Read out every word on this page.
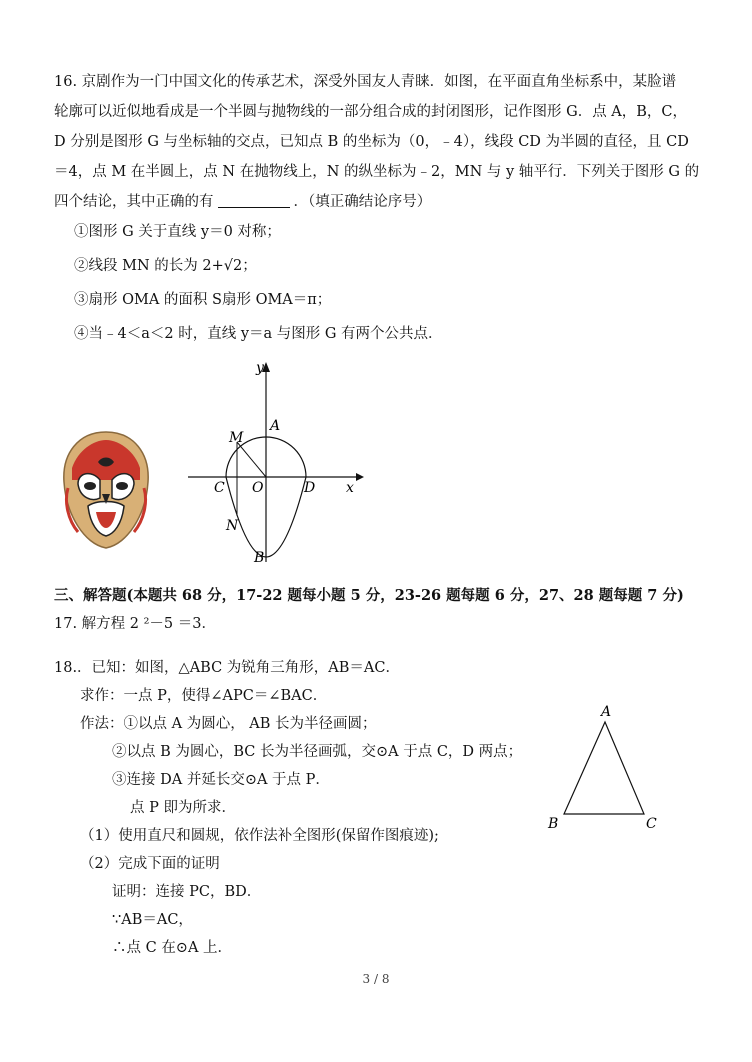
16. 京剧作为一门中国文化的传承艺术，深受外国友人青睐．如图，在平面直角坐标系中，某脸谱
轮廓可以近似地看成是一个半圆与抛物线的一部分组合成的封闭图形，记作图形 G．点 A，B，C，
D 分别是图形 G 与坐标轴的交点，已知点 B 的坐标为（0，﹣4），线段 CD 为半圆的直径，且 CD
＝4，点 M 在半圆上，点 N 在抛物线上，N 的纵坐标为﹣2，MN 与 y 轴平行．下列关于图形 G 的
四个结论，其中正确的有	．（填正确结论序号）
①图形 G 关于直线 y＝0 对称；
②线段 MN 的长为 2+√2；
③扇形 OMA 的面积 S扇形 OMA＝π；
④当﹣4＜a＜2 时，直线 y＝a 与图形 G 有两个公共点．
y
x
A
M
C O	D
N
B
三、解答题(本题共 68 分，17-22 题每小题 5 分，23-26 题每题 6 分，27、28 题每题 7 分)
17. 解方程 2 ²－5 ＝3．
18.．已知：如图，△ABC 为锐角三角形，AB＝AC．
求作：一点 P，使得∠APC＝∠BAC．
作法：①以点 A 为圆心， AB 长为半径画圆；
②以点 B 为圆心，BC 长为半径画弧，交⊙A 于点 C，D 两点；
③连接 DA 并延长交⊙A 于点 P．
点 P 即为所求．
（1）使用直尺和圆规，依作法补全图形(保留作图痕迹);
（2）完成下面的证明
证明：连接 PC，BD．
∵AB＝AC，
∴点 C 在⊙A 上．
A
B	C
3 / 8
